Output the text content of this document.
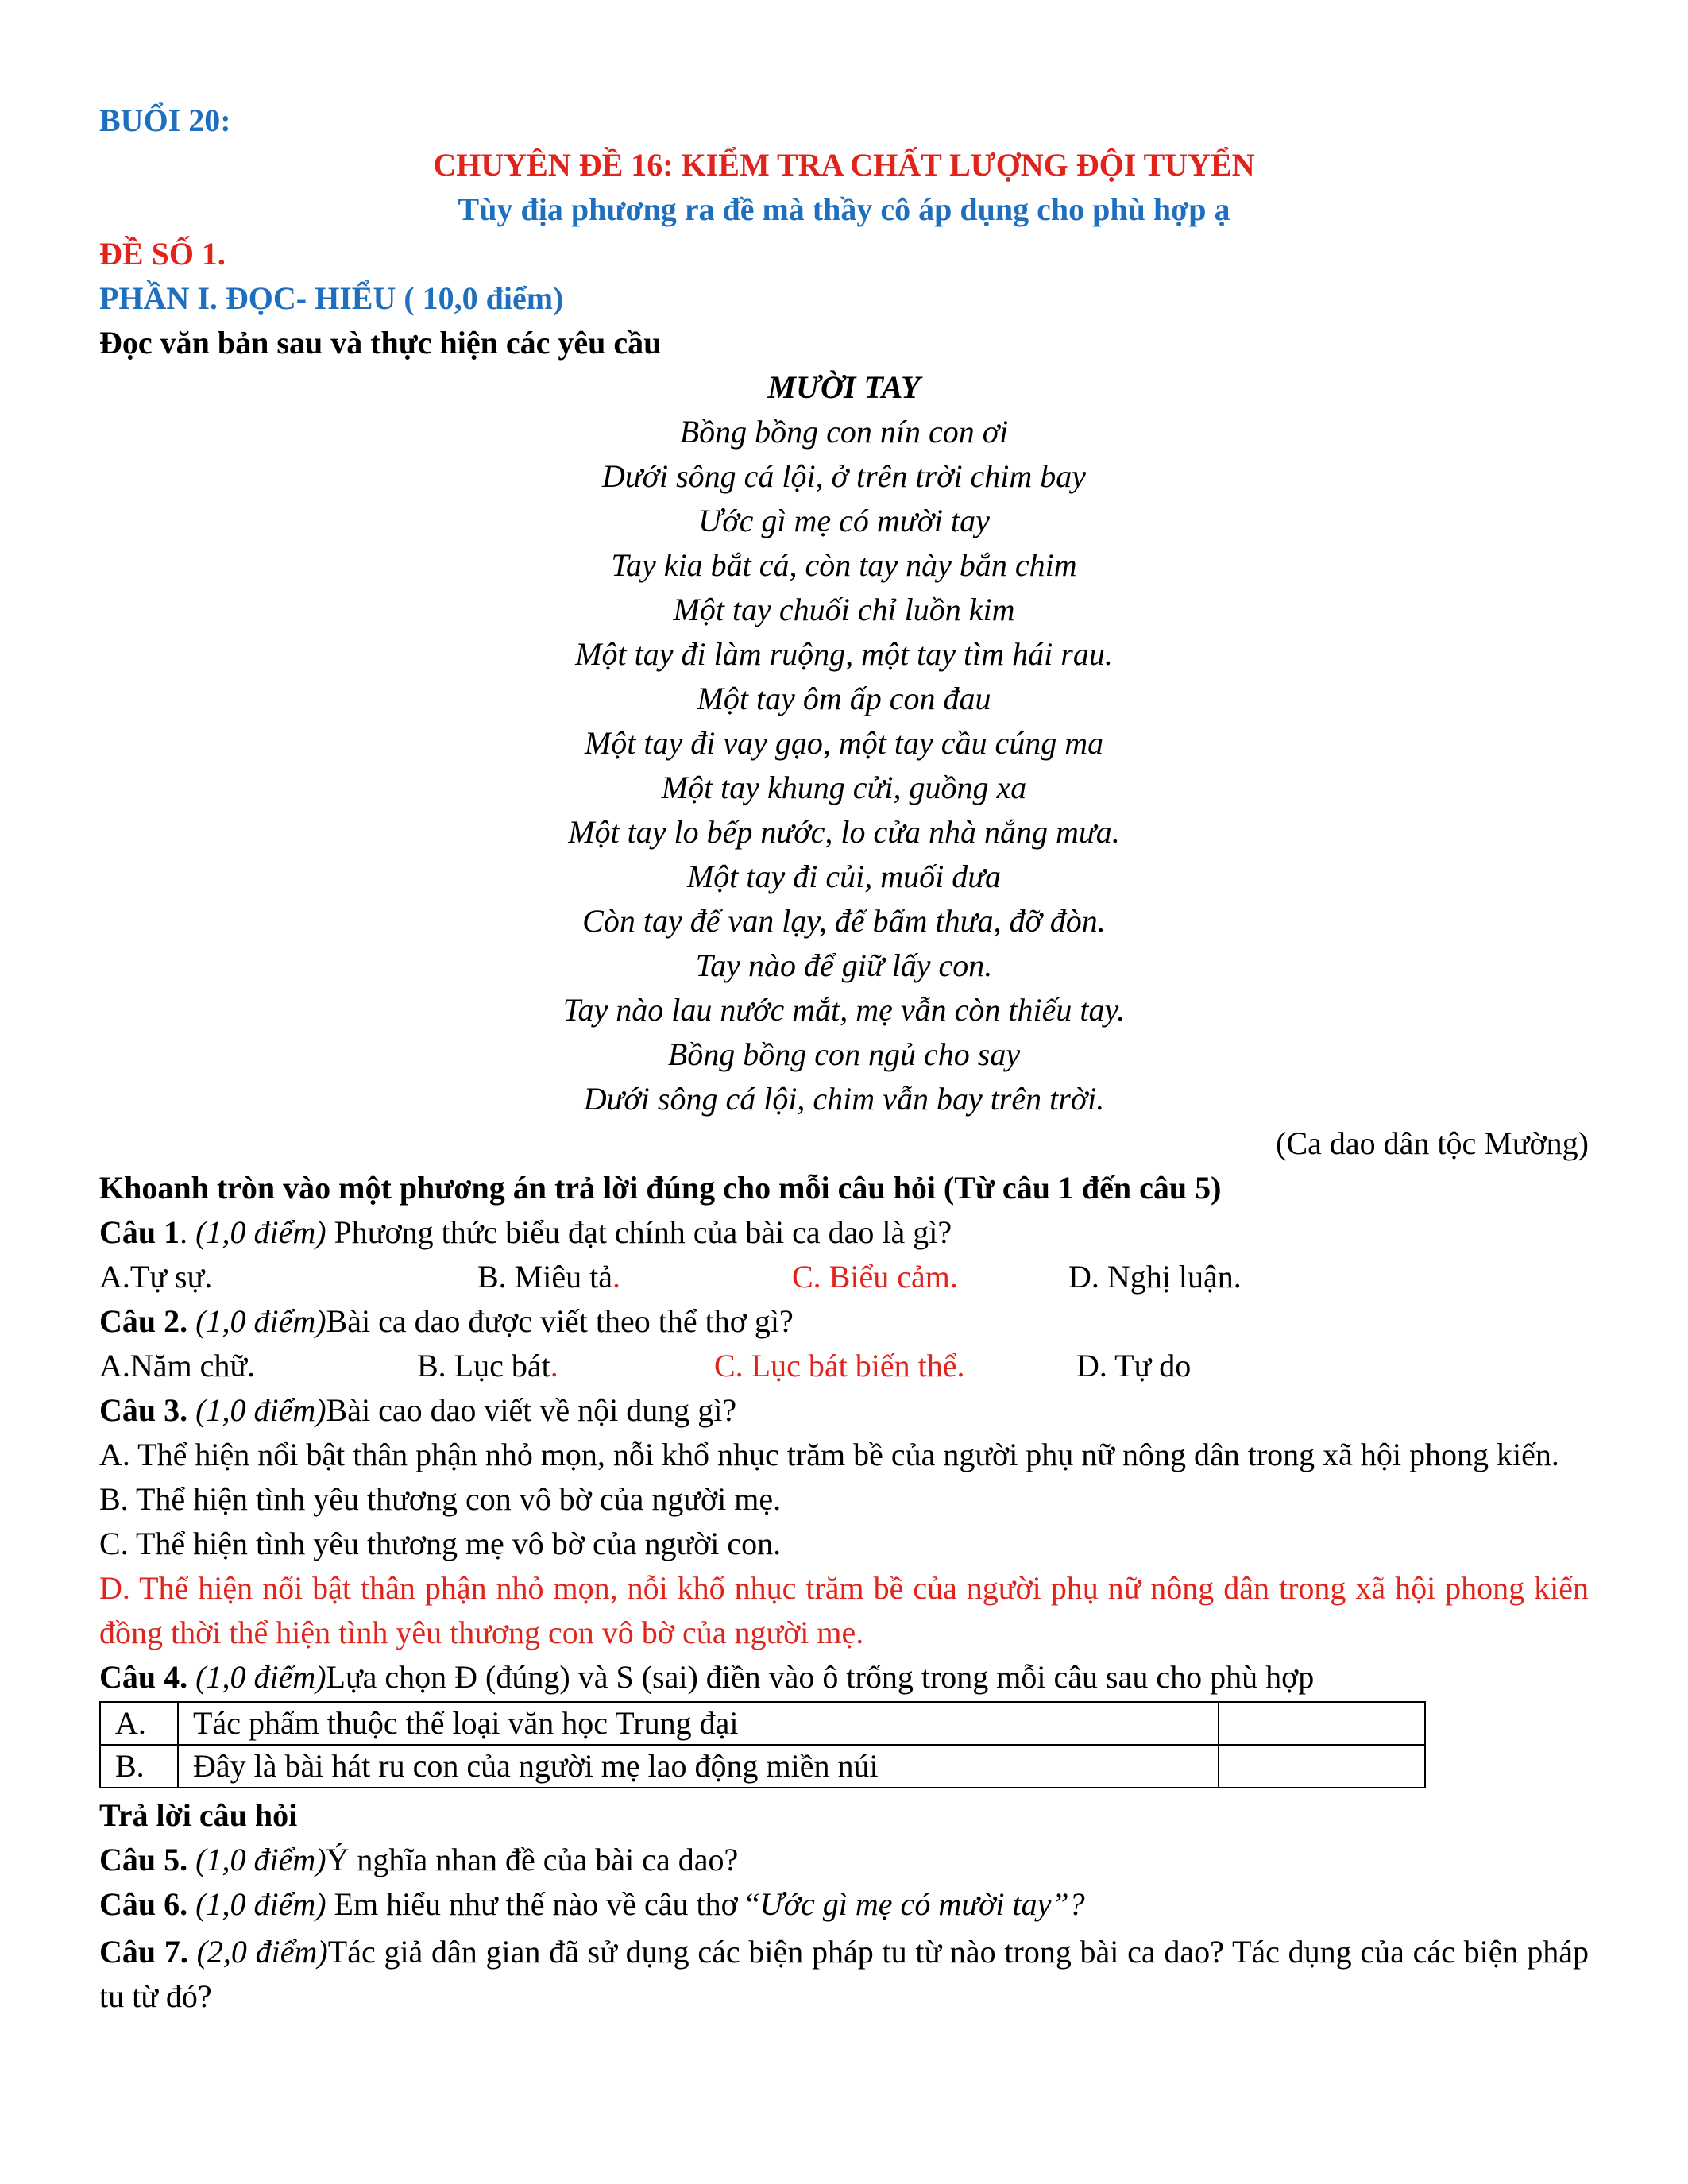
BUỔI 20:
CHUYÊN ĐỀ 16: KIỂM TRA CHẤT LƯỢNG ĐỘI TUYỂN
Tùy địa phương ra đề mà thầy cô áp dụng cho phù hợp ạ
ĐỀ SỐ 1.
PHẦN I. ĐỌC- HIỂU ( 10,0 điểm)
Đọc văn bản sau và thực hiện các yêu cầu
MƯỜI TAY
Bồng bồng con nín con ơi
Dưới sông cá lội, ở trên trời chim bay
Ước gì mẹ có mười tay
Tay kia bắt cá, còn tay này bắn chim
Một tay chuối chỉ luồn kim
Một tay đi làm ruộng, một tay tìm hái rau.
Một tay ôm ấp con đau
Một tay đi vay gạo, một tay cầu cúng ma
Một tay khung cửi, guồng xa
Một tay lo bếp nước, lo cửa nhà nắng mưa.
Một tay đi củi, muối dưa
Còn tay để van lạy, để bẩm thưa, đỡ đòn.
Tay nào để giữ lấy con.
Tay nào lau nước mắt, mẹ vẫn còn thiếu tay.
Bồng bồng con ngủ cho say
Dưới sông cá lội, chim vẫn bay trên trời.
(Ca dao dân tộc Mường)
Khoanh tròn vào một phương án trả lời đúng cho mỗi câu hỏi (Từ câu 1 đến câu 5)
Câu 1. (1,0 điểm) Phương thức biểu đạt chính của bài ca dao là gì?
A.Tự sự.	B. Miêu tả.	C. Biểu cảm.	D. Nghị luận.
Câu 2. (1,0 điểm)Bài ca dao được viết theo thể thơ gì?
A.Năm chữ.	B. Lục bát.	C. Lục bát biến thể.	D. Tự do
Câu 3. (1,0 điểm)Bài cao dao viết về nội dung gì?
A. Thể hiện nổi bật thân phận nhỏ mọn, nỗi khổ nhục trăm bề của người phụ nữ nông dân trong xã hội phong kiến.
B. Thể hiện tình yêu thương con vô bờ của người mẹ.
C. Thể hiện tình yêu thương mẹ vô bờ của người con.
D. Thể hiện nổi bật thân phận nhỏ mọn, nỗi khổ nhục trăm bề của người phụ nữ nông dân trong xã hội phong kiến đồng thời thể hiện tình yêu thương con vô bờ của người mẹ.
Câu 4. (1,0 điểm)Lựa chọn Đ (đúng) và S (sai) điền vào ô trống trong mỗi câu sau cho phù hợp
A.	Tác phẩm thuộc thể loại văn học Trung đại	
B.	Đây là bài hát ru con của người mẹ lao động miền núi	
Trả lời câu hỏi
Câu 5. (1,0 điểm)Ý nghĩa nhan đề của bài ca dao?
Câu 6. (1,0 điểm) Em hiểu như thế nào về câu thơ “Ước gì mẹ có mười tay”?
Câu 7. (2,0 điểm)Tác giả dân gian đã sử dụng các biện pháp tu từ nào trong bài ca dao? Tác dụng của các biện pháp tu từ đó?
